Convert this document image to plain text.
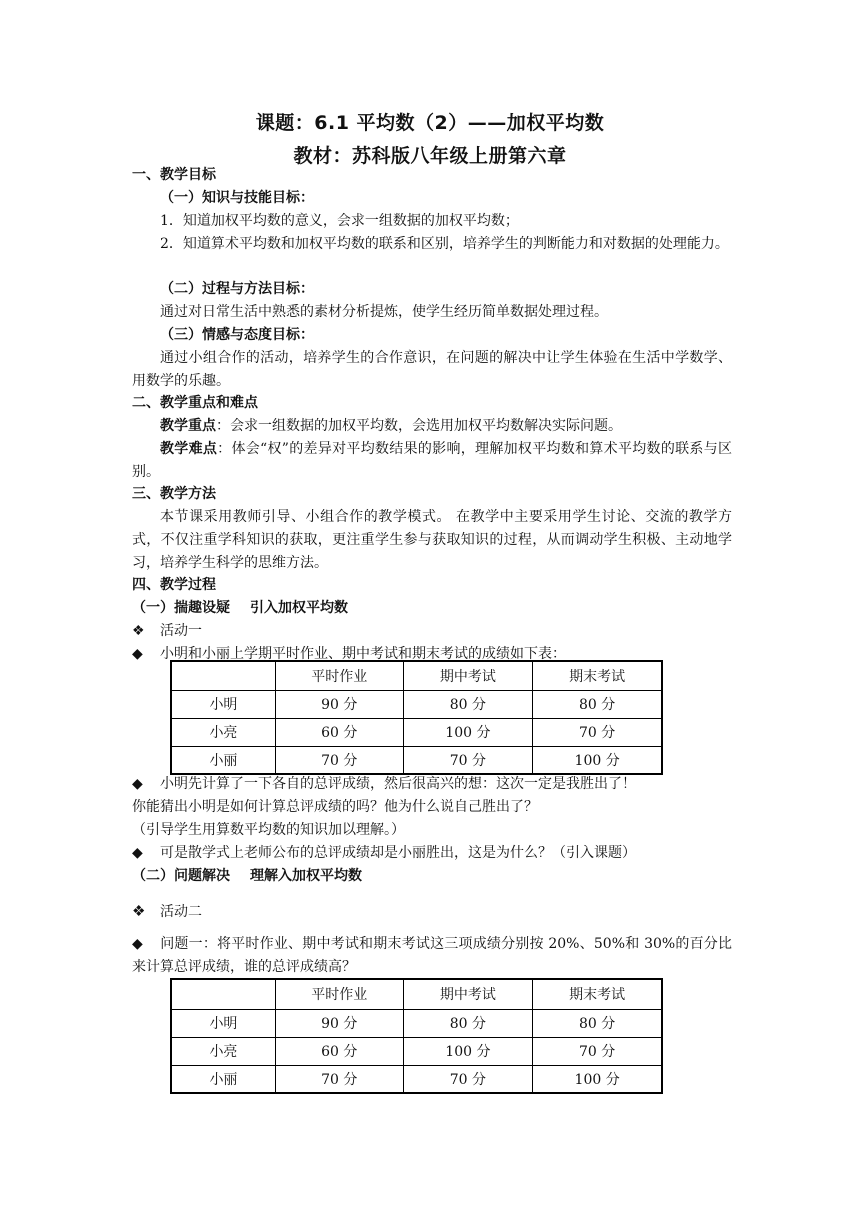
课题：6.1 平均数（2）——加权平均数
教材：苏科版八年级上册第六章
一、教学目标
（一）知识与技能目标：
1．知道加权平均数的意义，会求一组数据的加权平均数；
2．知道算术平均数和加权平均数的联系和区别，培养学生的判断能力和对数据的处理能力。
（二）过程与方法目标：
通过对日常生活中熟悉的素材分析提炼，使学生经历简单数据处理过程。
（三）情感与态度目标：
通过小组合作的活动，培养学生的合作意识，在问题的解决中让学生体验在生活中学数学、用数学的乐趣。
二、教学重点和难点
教学重点：会求一组数据的加权平均数，会选用加权平均数解决实际问题。
教学难点：体会“权”的差异对平均数结果的影响，理解加权平均数和算术平均数的联系与区别。
三、教学方法
本节课采用教师引导、小组合作的教学模式。 在教学中主要采用学生讨论、交流的教学方式，不仅注重学科知识的获取，更注重学生参与获取知识的过程，从而调动学生积极、主动地学习，培养学生科学的思维方法。
四、教学过程
（一）揣趣设疑 引入加权平均数
❖ 活动一
◆ 小明和小丽上学期平时作业、期中考试和期末考试的成绩如下表：
	平时作业	期中考试	期末考试
小明	90 分	80 分	80 分
小亮	60 分	100 分	70 分
小丽	70 分	70 分	100 分
◆ 小明先计算了一下各自的总评成绩，然后很高兴的想：这次一定是我胜出了！
你能猜出小明是如何计算总评成绩的吗？他为什么说自己胜出了？
（引导学生用算数平均数的知识加以理解。）
◆ 可是散学式上老师公布的总评成绩却是小丽胜出，这是为什么？（引入课题）
（二）问题解决 理解入加权平均数
❖ 活动二
◆ 问题一：将平时作业、期中考试和期末考试这三项成绩分别按 20%、50%和 30%的百分比来计算总评成绩，谁的总评成绩高？
	平时作业	期中考试	期末考试
小明	90 分	80 分	80 分
小亮	60 分	100 分	70 分
小丽	70 分	70 分	100 分
